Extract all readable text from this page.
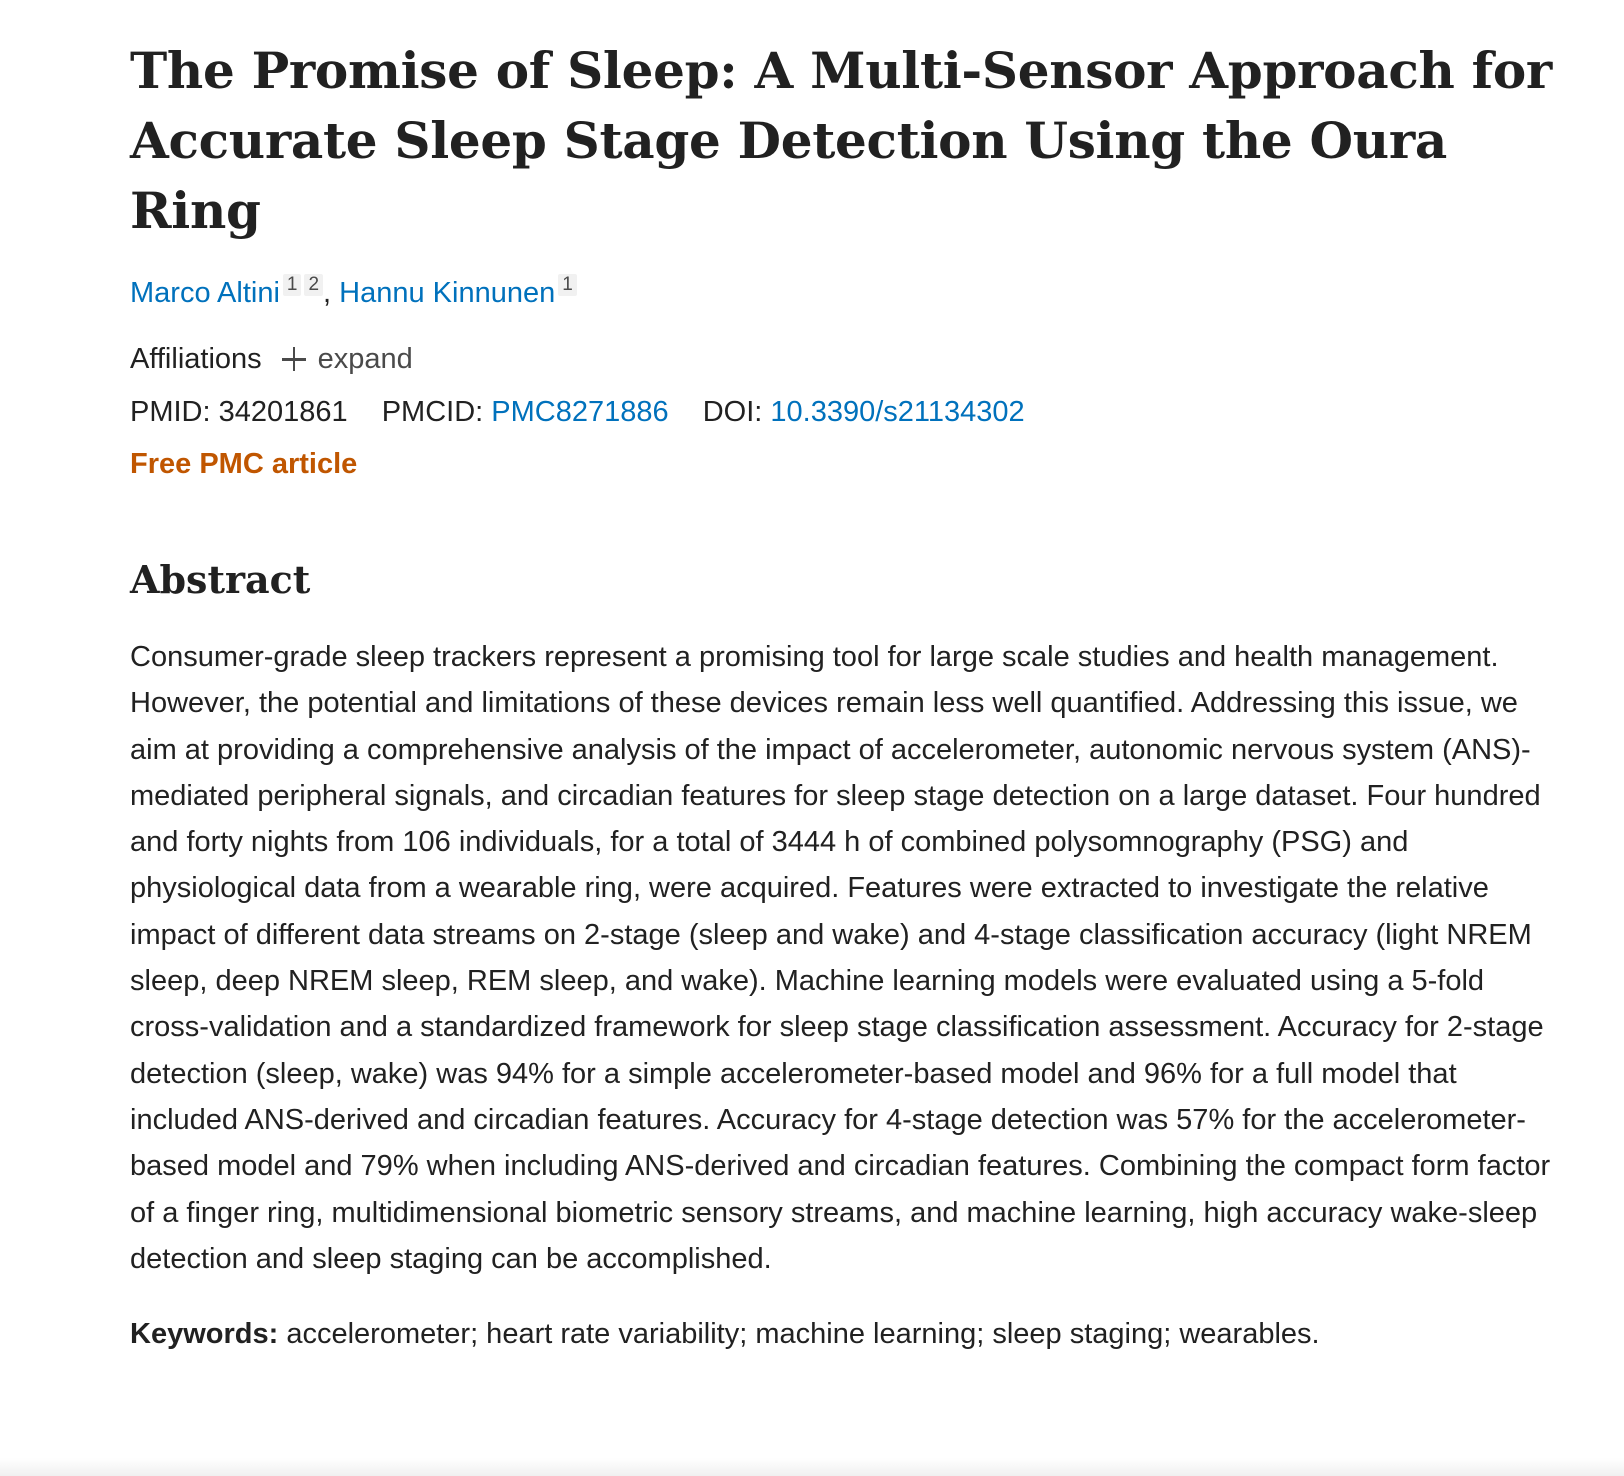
The Promise of Sleep: A Multi-Sensor Approach for Accurate Sleep Stage Detection Using the Oura Ring
Marco Altini 1 2 , Hannu Kinnunen 1
Affiliations expand
PMID: 34201861 PMCID: PMC8271886 DOI: 10.3390/s21134302
Free PMC article
Abstract
Consumer-grade sleep trackers represent a promising tool for large scale studies and health management. However, the potential and limitations of these devices remain less well quantified. Addressing this issue, we aim at providing a comprehensive analysis of the impact of accelerometer, autonomic nervous system (ANS)-mediated peripheral signals, and circadian features for sleep stage detection on a large dataset. Four hundred and forty nights from 106 individuals, for a total of 3444 h of combined polysomnography (PSG) and physiological data from a wearable ring, were acquired. Features were extracted to investigate the relative impact of different data streams on 2-stage (sleep and wake) and 4-stage classification accuracy (light NREM sleep, deep NREM sleep, REM sleep, and wake). Machine learning models were evaluated using a 5-fold cross-validation and a standardized framework for sleep stage classification assessment. Accuracy for 2-stage detection (sleep, wake) was 94% for a simple accelerometer-based model and 96% for a full model that included ANS-derived and circadian features. Accuracy for 4-stage detection was 57% for the accelerometer-based model and 79% when including ANS-derived and circadian features. Combining the compact form factor of a finger ring, multidimensional biometric sensory streams, and machine learning, high accuracy wake-sleep detection and sleep staging can be accomplished.
Keywords: accelerometer; heart rate variability; machine learning; sleep staging; wearables.
